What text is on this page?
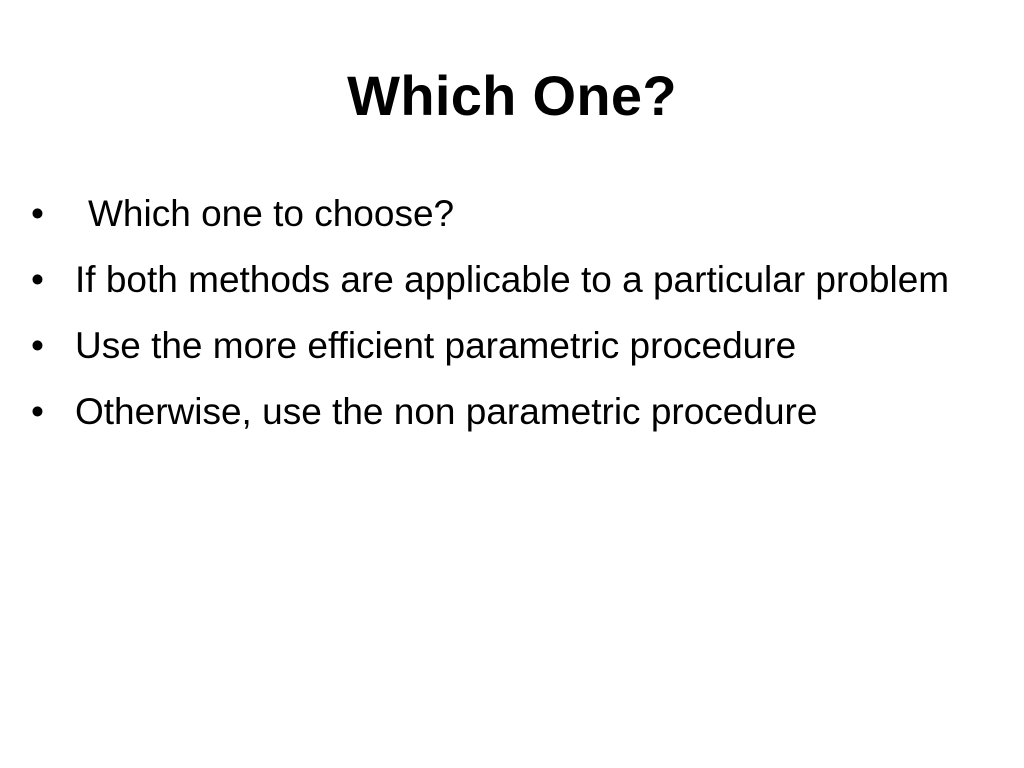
Which One?
•	Which one to choose?
• If both methods are applicable to a particular problem
• Use the more efficient parametric procedure
• Otherwise, use the non parametric procedure
